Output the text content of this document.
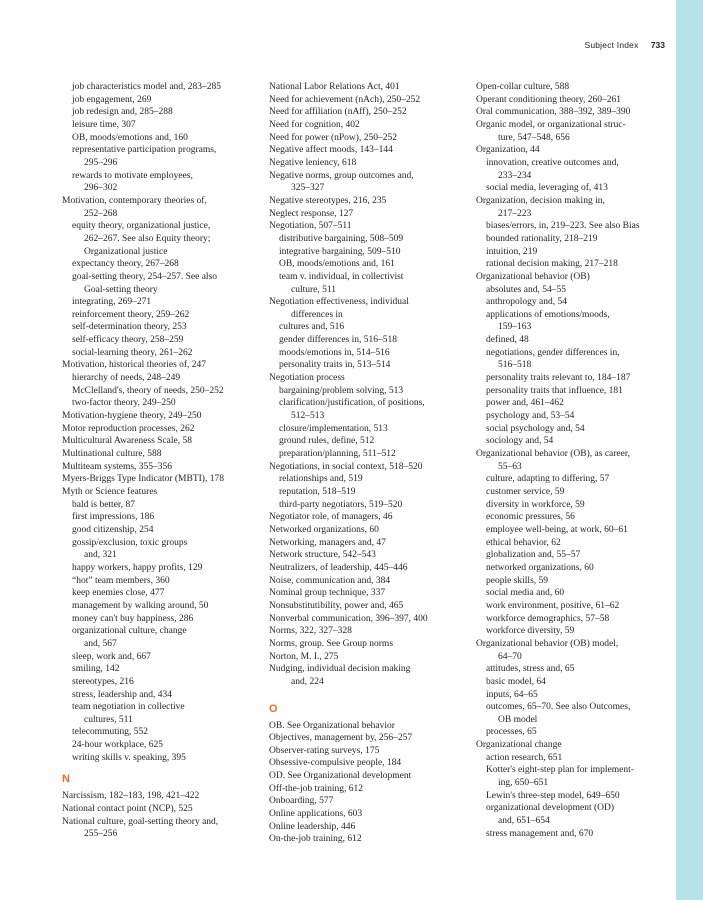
Subject Index 733
job characteristics model and, 283–285
job engagement, 269
job redesign and, 285–288
leisure time, 307
OB, moods/emotions and, 160
representative participation programs,
295–296
rewards to motivate employees,
296–302
Motivation, contemporary theories of,
252–268
equity theory, organizational justice,
262–267. See also Equity theory;
Organizational justice
expectancy theory, 267–268
goal-setting theory, 254–257. See also
Goal-setting theory
integrating, 269–271
reinforcement theory, 259–262
self-determination theory, 253
self-efficacy theory, 258–259
social-learning theory, 261–262
Motivation, historical theories of, 247
hierarchy of needs, 248–249
McClelland's, theory of needs, 250–252
two-factor theory, 249–250
Motivation-hygiene theory, 249–250
Motor reproduction processes, 262
Multicultural Awareness Scale, 58
Multinational culture, 588
Multiteam systems, 355–356
Myers-Briggs Type Indicator (MBTI), 178
Myth or Science features
bald is better, 87
first impressions, 186
good citizenship, 254
gossip/exclusion, toxic groups
and, 321
happy workers, happy profits, 129
“hot” team members, 360
keep enemies close, 477
management by walking around, 50
money can't buy happiness, 286
organizational culture, change
and, 567
sleep, work and, 667
smiling, 142
stereotypes, 216
stress, leadership and, 434
team negotiation in collective
cultures, 511
telecommuting, 552
24-hour workplace, 625
writing skills v. speaking, 395
N
Narcissism, 182–183, 198, 421–422
National contact point (NCP), 525
National culture, goal-setting theory and,
255–256
National Labor Relations Act, 401
Need for achievement (nAch), 250–252
Need for affiliation (nAff), 250–252
Need for cognition, 402
Need for power (nPow), 250–252
Negative affect moods, 143–144
Negative leniency, 618
Negative norms, group outcomes and,
325–327
Negative stereotypes, 216, 235
Neglect response, 127
Negotiation, 507–511
distributive bargaining, 508–509
integrative bargaining, 509–510
OB, moods/emotions and, 161
team v. individual, in collectivist
culture, 511
Negotiation effectiveness, individual
differences in
cultures and, 516
gender differences in, 516–518
moods/emotions in, 514–516
personality traits in, 513–514
Negotiation process
bargaining/problem solving, 513
clarification/justification, of positions,
512–513
closure/implementation, 513
ground rules, define, 512
preparation/planning, 511–512
Negotiations, in social context, 518–520
relationships and, 519
reputation, 518–519
third-party negotiators, 519–520
Negotiator role, of managers, 46
Networked organizations, 60
Networking, managers and, 47
Network structure, 542–543
Neutralizers, of leadership, 445–446
Noise, communication and, 384
Nominal group technique, 337
Nonsubstitutibility, power and, 465
Nonverbal communication, 396–397, 400
Norms, 322, 327–328
Norms, group. See Group norms
Norton, M. I., 275
Nudging, individual decision making
and, 224
O
OB. See Organizational behavior
Objectives, management by, 256–257
Observer-rating surveys, 175
Obsessive-compulsive people, 184
OD. See Organizational development
Off-the-job training, 612
Onboarding, 577
Online applications, 603
Online leadership, 446
On-the-job training, 612
Open-collar culture, 588
Operant conditioning theory, 260–261
Oral communication, 388–392, 389–390
Organic model, or organizational struc-
ture, 547–548, 656
Organization, 44
innovation, creative outcomes and,
233–234
social media, leveraging of, 413
Organization, decision making in,
217–223
biases/errors, in, 219–223. See also Bias
bounded rationality, 218–219
intuition, 219
rational decision making, 217–218
Organizational behavior (OB)
absolutes and, 54–55
anthropology and, 54
applications of emotions/moods,
159–163
defined, 48
negotiations, gender differences in,
516–518
personality traits relevant to, 184–187
personality traits that influence, 181
power and, 461–462
psychology and, 53–54
social psychology and, 54
sociology and, 54
Organizational behavior (OB), as career,
55–63
culture, adapting to differing, 57
customer service, 59
diversity in workforce, 59
economic pressures, 56
employee well-being, at work, 60–61
ethical behavior, 62
globalization and, 55–57
networked organizations, 60
people skills, 59
social media and, 60
work environment, positive, 61–62
workforce demographics, 57–58
workforce diversity, 59
Organizational behavior (OB) model,
64–70
attitudes, stress and, 65
basic model, 64
inputs, 64–65
outcomes, 65–70. See also Outcomes,
OB model
processes, 65
Organizational change
action research, 651
Kotter's eight-step plan for implement-
ing, 650–651
Lewin's three-step model, 649–650
organizational development (OD)
and, 651–654
stress management and, 670
